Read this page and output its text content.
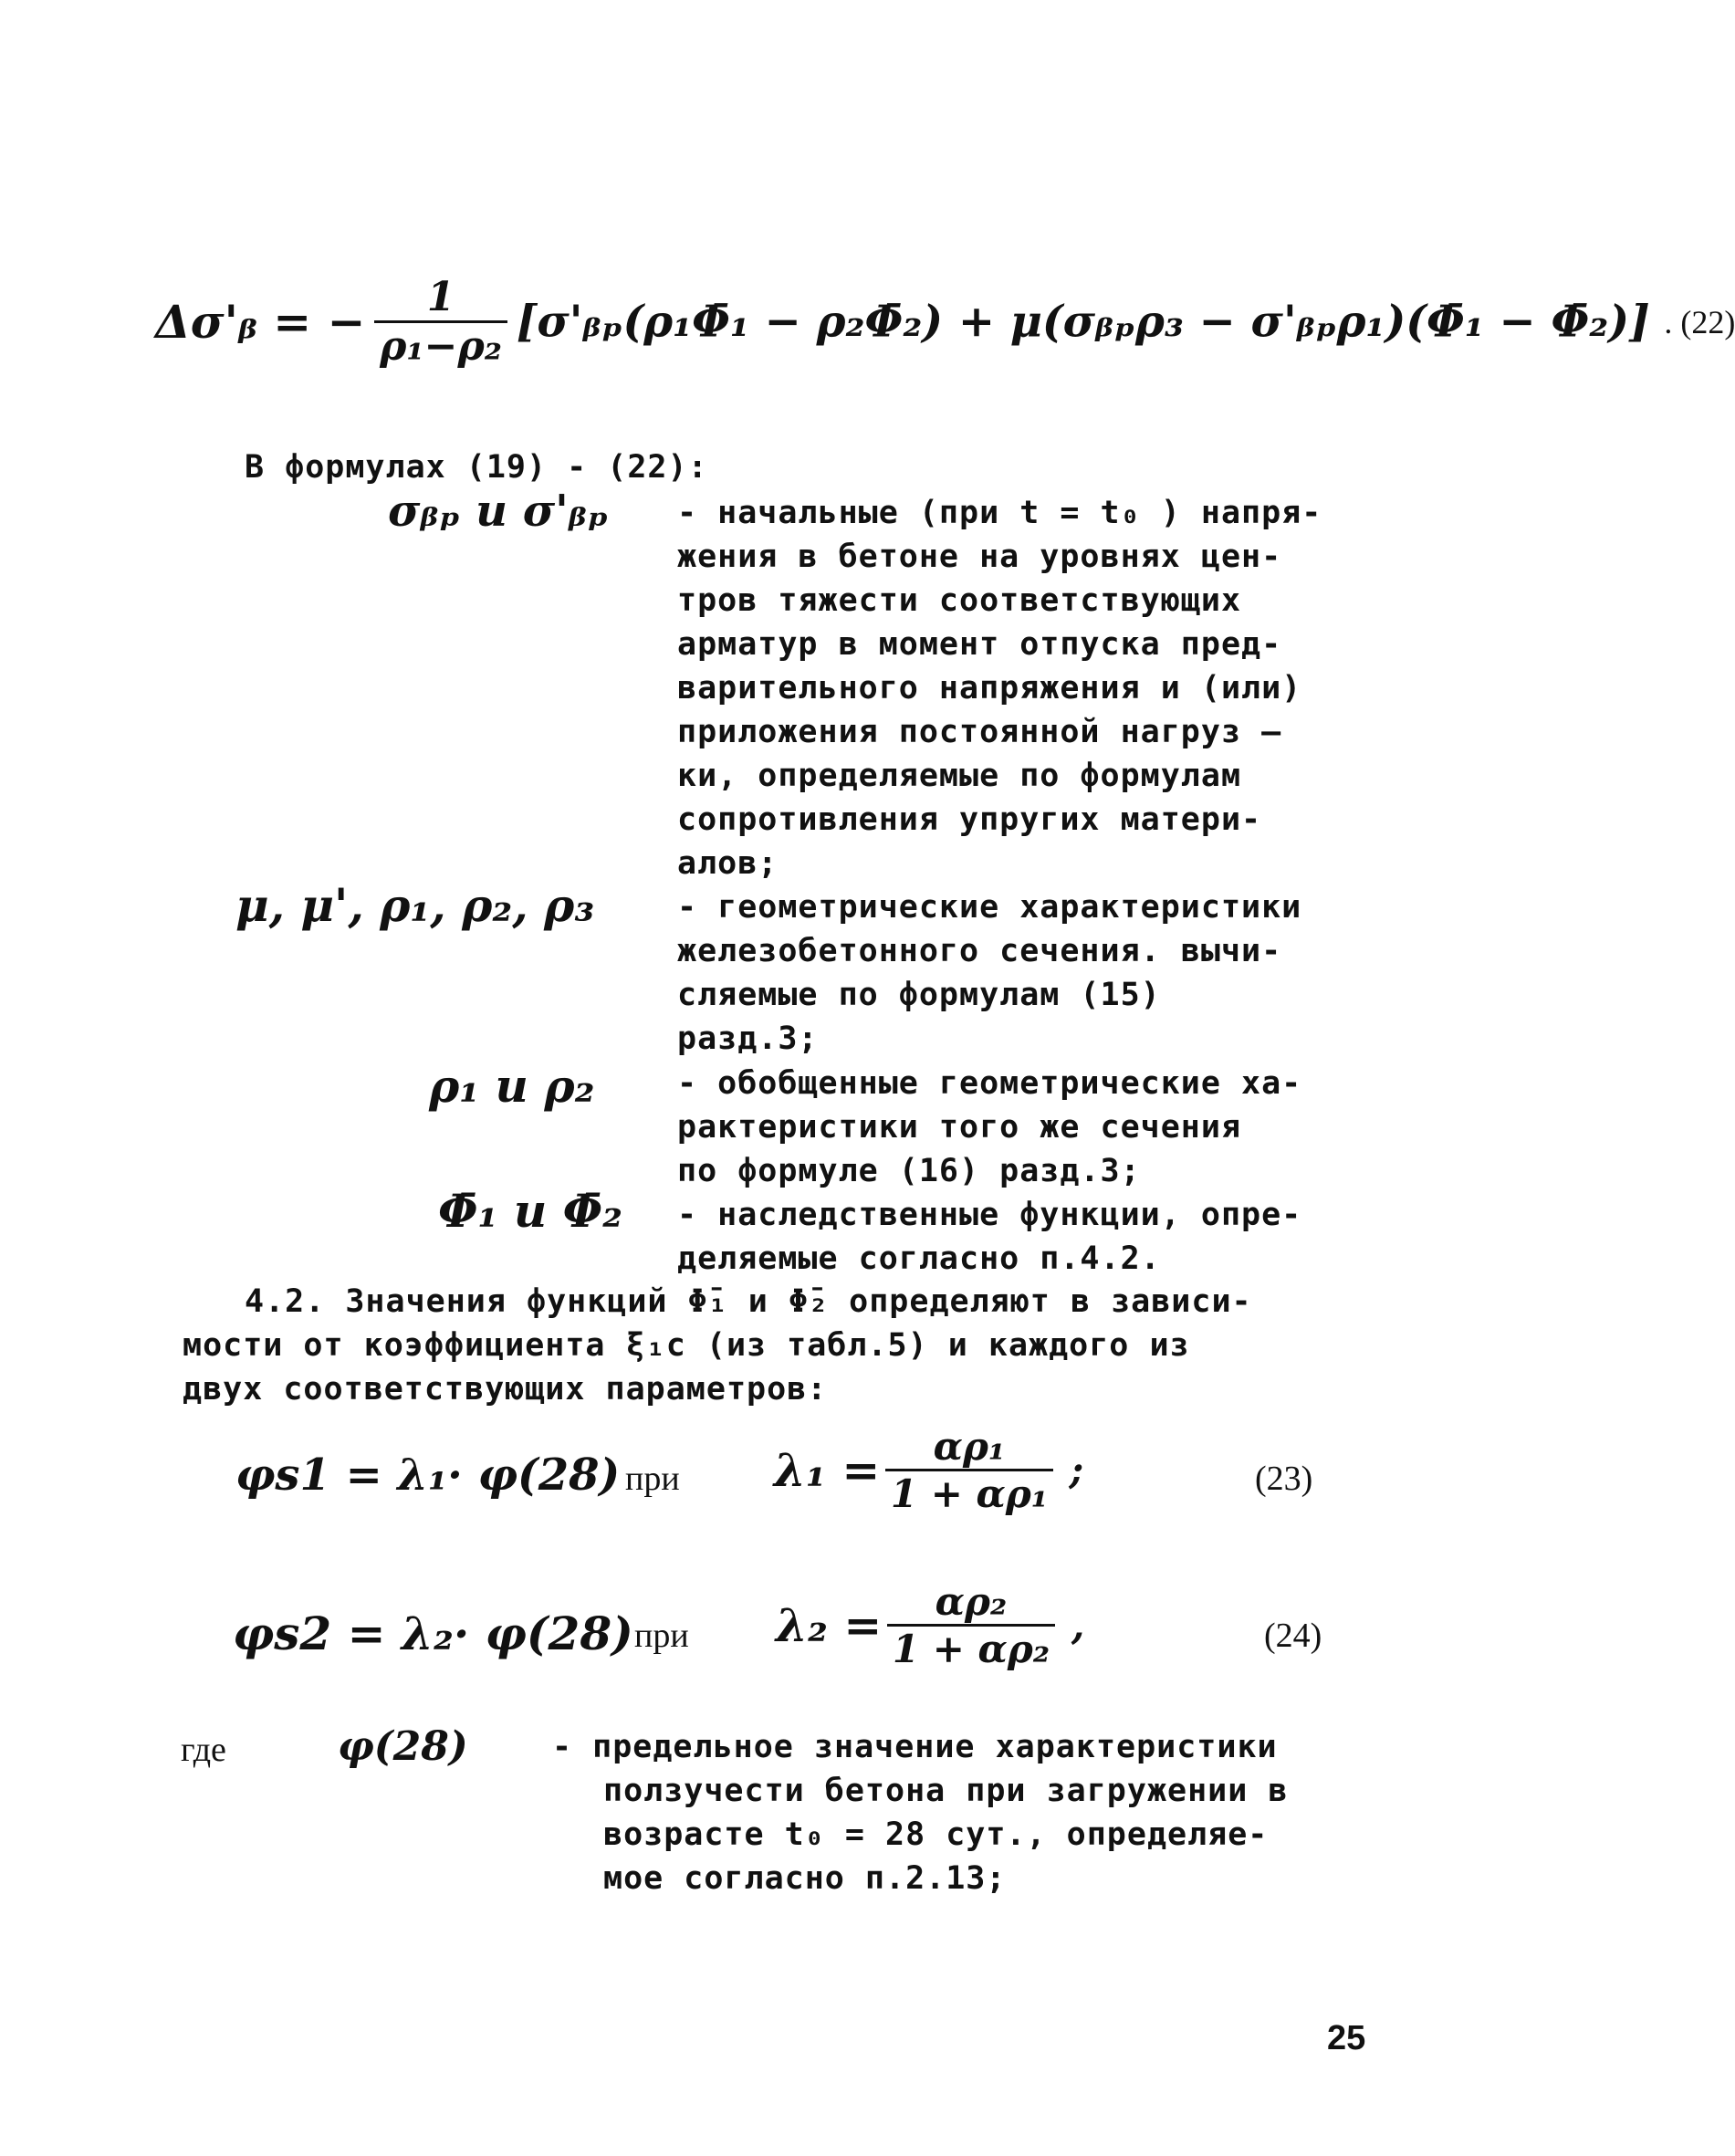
Δσ'ᵦ = − $\frac{1}{\text{ρ₁−ρ₂}}$ [σ'ᵦₚ(ρ₁Φ̄₁ − ρ₂Φ̄₂) + μ(σᵦₚρ₃ − σ'ᵦₚρ₁)(Φ̄₁ − Φ̄₂)] . (22)
В формулах (19) - (22):
σᵦₚ и σ'ᵦₚ - начальные (при t = t₀ ) напря-
жения в бетоне на уровнях цен-
тров тяжести соответствующих
арматур в момент отпуска пред-
варительного напряжения и (или)
приложения постоянной нагруз —
ки, определяемые по формулам
сопротивления упругих матери-
алов;
μ, μ', ρ₁, ρ₂, ρ₃	- геометрические характеристики
железобетонного сечения. вычи-
сляемые по формулам (15)
разд.3;
ρ₁ и ρ₂	- обобщенные геометрические ха-
рактеристики того же сечения
по формуле (16) разд.3;
Φ̄₁ и Φ̄₂ - наследственные функции, опре-
деляемые согласно п.4.2.
4.2. Значения функций Φ̄₁ и Φ̄₂ определяют в зависи-
мости от коэффициента ξ₁c (из табл.5) и каждого из
двух соответствующих параметров:
φs1 = λ₁· φ(28) при $\lambda_1 = \frac{\text{αρ₁}}{\text{1 + αρ₁}}$ ;	(23)
φs2 = λ₂· φ(28) при $\lambda_2 = \frac{\text{αρ₂}}{\text{1 + αρ₂}}$ ,	(24)
где	φ(28)	- предельное значение характеристики
ползучести бетона при загружении в
возрасте t₀ = 28 сут., определяе-
мое согласно п.2.13;
25
